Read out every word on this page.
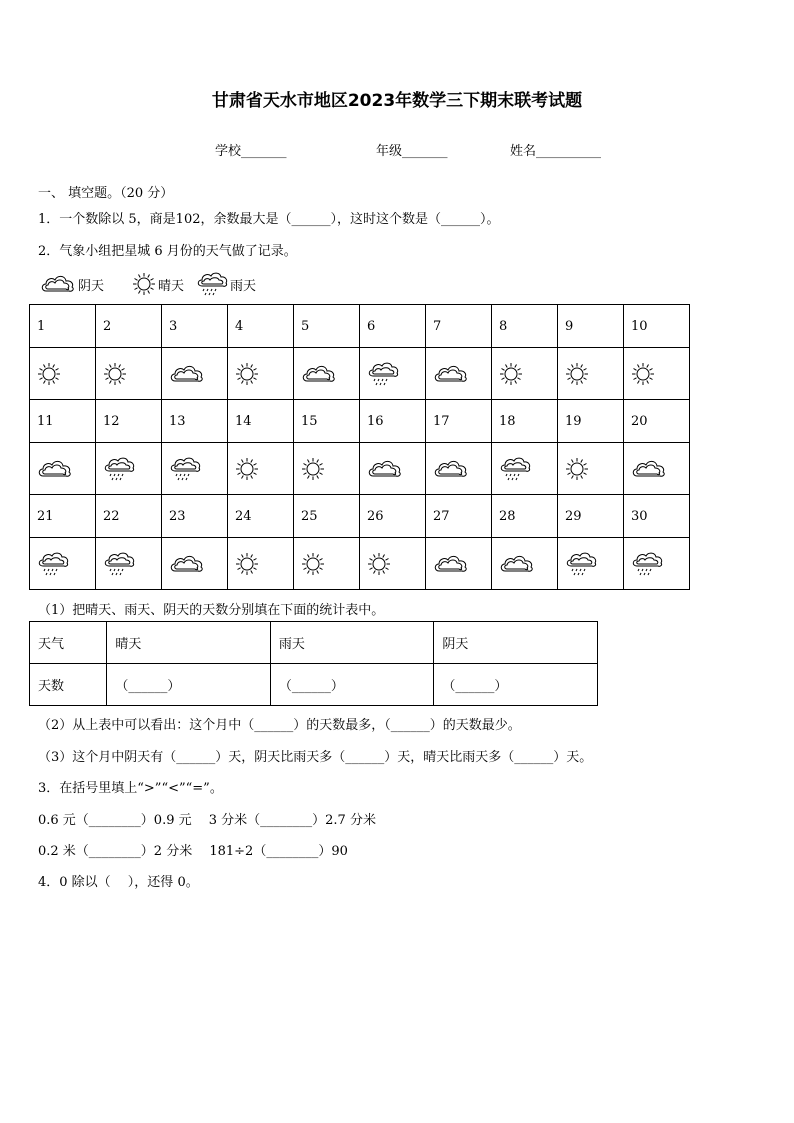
甘肃省天水市地区2023年数学三下期末联考试题
学校_______	年级_______	姓名__________
一、 填空题。（20 分）
1．一个数除以 5，商是102，余数最大是（______），这时这个数是（______）。
2．气象小组把星城 6 月份的天气做了记录。
阴天	晴天	雨天
1	2	3	4	5	6	7	8	9	10

11	12	13	14	15	16	17	18	19	20

21	22	23	24	25	26	27	28	29	30

（1）把晴天、雨天、阴天的天数分别填在下面的统计表中。
天气	晴天	雨天	阴天
天数	（______）	（______）	（______）
（2）从上表中可以看出：这个月中（______）的天数最多，（______）的天数最少。
（3）这个月中阴天有（______）天，阴天比雨天多（______）天，晴天比雨天多（______）天。
3．在括号里填上“>”“<”“=”。
0.6 元（________）0.9 元　 3 分米（________）2.7 分米
0.2 米（________）2 分米　 181÷2（________）90
4．0 除以（　 ），还得 0。
